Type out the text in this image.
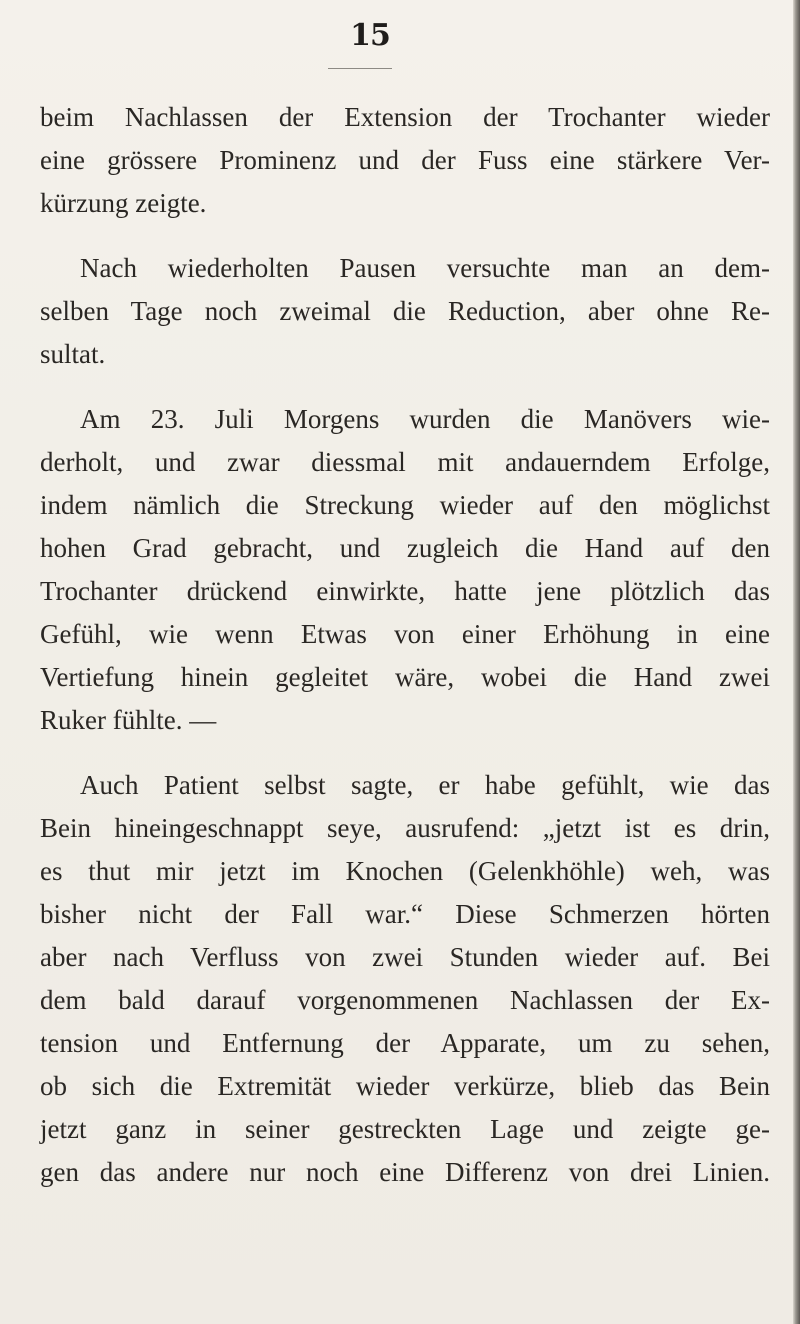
15
beim Nachlassen der Extension der Trochanter wieder
eine grössere Prominenz und der Fuss eine stärkere Ver-
kürzung zeigte.
Nach wiederholten Pausen versuchte man an dem-
selben Tage noch zweimal die Reduction, aber ohne Re-
sultat.
Am 23. Juli Morgens wurden die Manövers wie-
derholt, und zwar diessmal mit andauerndem Erfolge,
indem nämlich die Streckung wieder auf den möglichst
hohen Grad gebracht, und zugleich die Hand auf den
Trochanter drückend einwirkte, hatte jene plötzlich das
Gefühl, wie wenn Etwas von einer Erhöhung in eine
Vertiefung hinein gegleitet wäre, wobei die Hand zwei
Ruker fühlte. —
Auch Patient selbst sagte, er habe gefühlt, wie das
Bein hineingeschnappt seye, ausrufend: „jetzt ist es drin,
es thut mir jetzt im Knochen (Gelenkhöhle) weh, was
bisher nicht der Fall war.“ Diese Schmerzen hörten
aber nach Verfluss von zwei Stunden wieder auf. Bei
dem bald darauf vorgenommenen Nachlassen der Ex-
tension und Entfernung der Apparate, um zu sehen,
ob sich die Extremität wieder verkürze, blieb das Bein
jetzt ganz in seiner gestreckten Lage und zeigte ge-
gen das andere nur noch eine Differenz von drei Linien.
